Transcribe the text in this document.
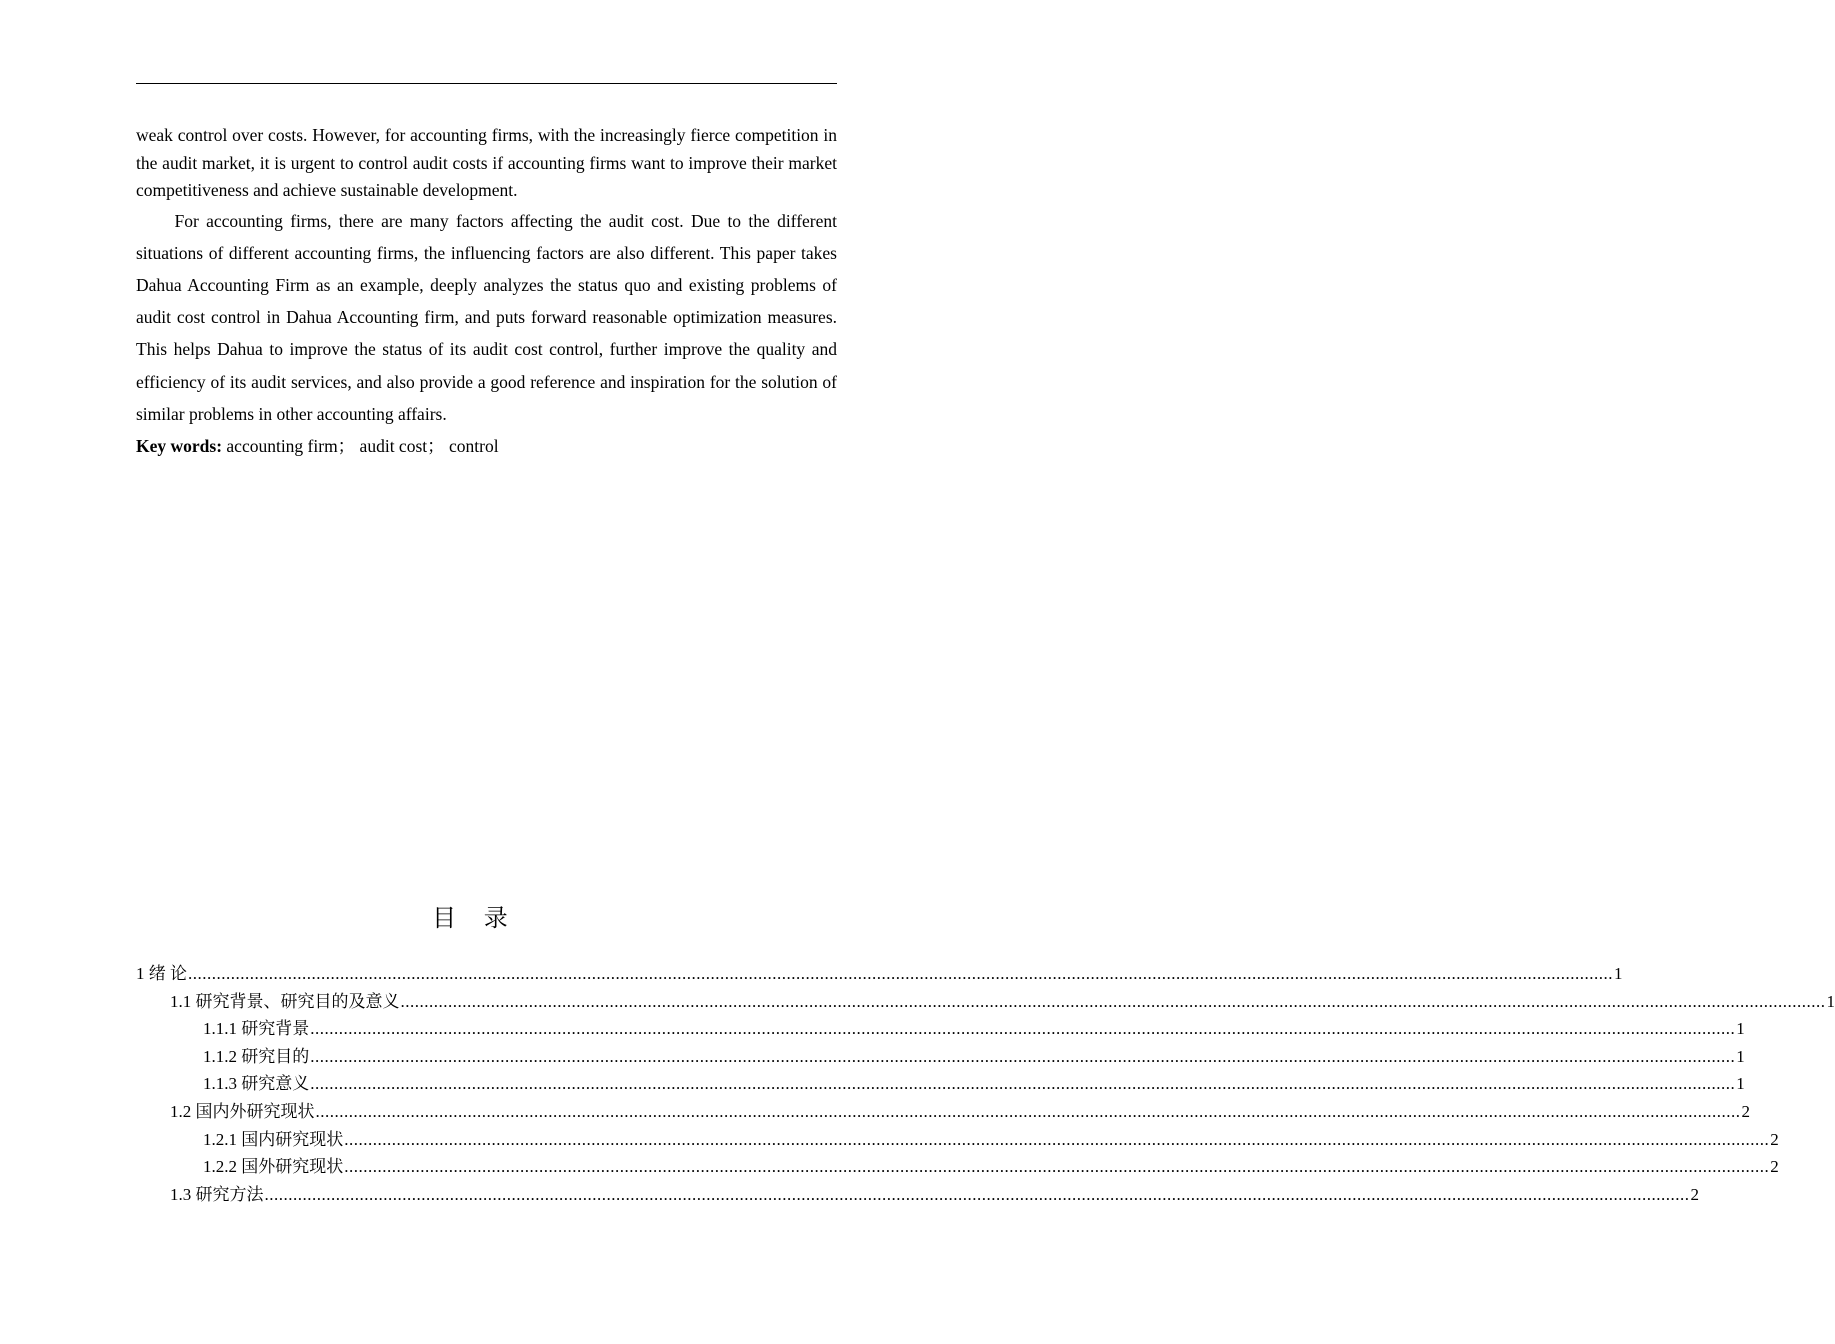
weak control over costs. However, for accounting firms, with the increasingly fierce competition in the audit market, it is urgent to control audit costs if accounting firms want to improve their market competitiveness and achieve sustainable development.

For accounting firms, there are many factors affecting the audit cost. Due to the different situations of different accounting firms, the influencing factors are also different. This paper takes Dahua Accounting Firm as an example, deeply analyzes the status quo and existing problems of audit cost control in Dahua Accounting firm, and puts forward reasonable optimization measures. This helps Dahua to improve the status of its audit cost control, further improve the quality and efficiency of its audit services, and also provide a good reference and inspiration for the solution of similar problems in other accounting affairs.

Key words: accounting firm； audit cost； control

目 录
1 绪 论 ............................................................................................................................................................................................................................................................................................................ 1
1.1 研究背景、研究目的及意义 ............................................................................................................................................................................................................................................................................................................ 1
1.1.1 研究背景 ............................................................................................................................................................................................................................................................................................................ 1
1.1.2 研究目的 ............................................................................................................................................................................................................................................................................................................ 1
1.1.3 研究意义 ............................................................................................................................................................................................................................................................................................................ 1
1.2 国内外研究现状 ............................................................................................................................................................................................................................................................................................................ 2
1.2.1 国内研究现状 ............................................................................................................................................................................................................................................................................................................ 2
1.2.2 国外研究现状 ............................................................................................................................................................................................................................................................................................................ 2
1.3 研究方法 ............................................................................................................................................................................................................................................................................................................ 2
